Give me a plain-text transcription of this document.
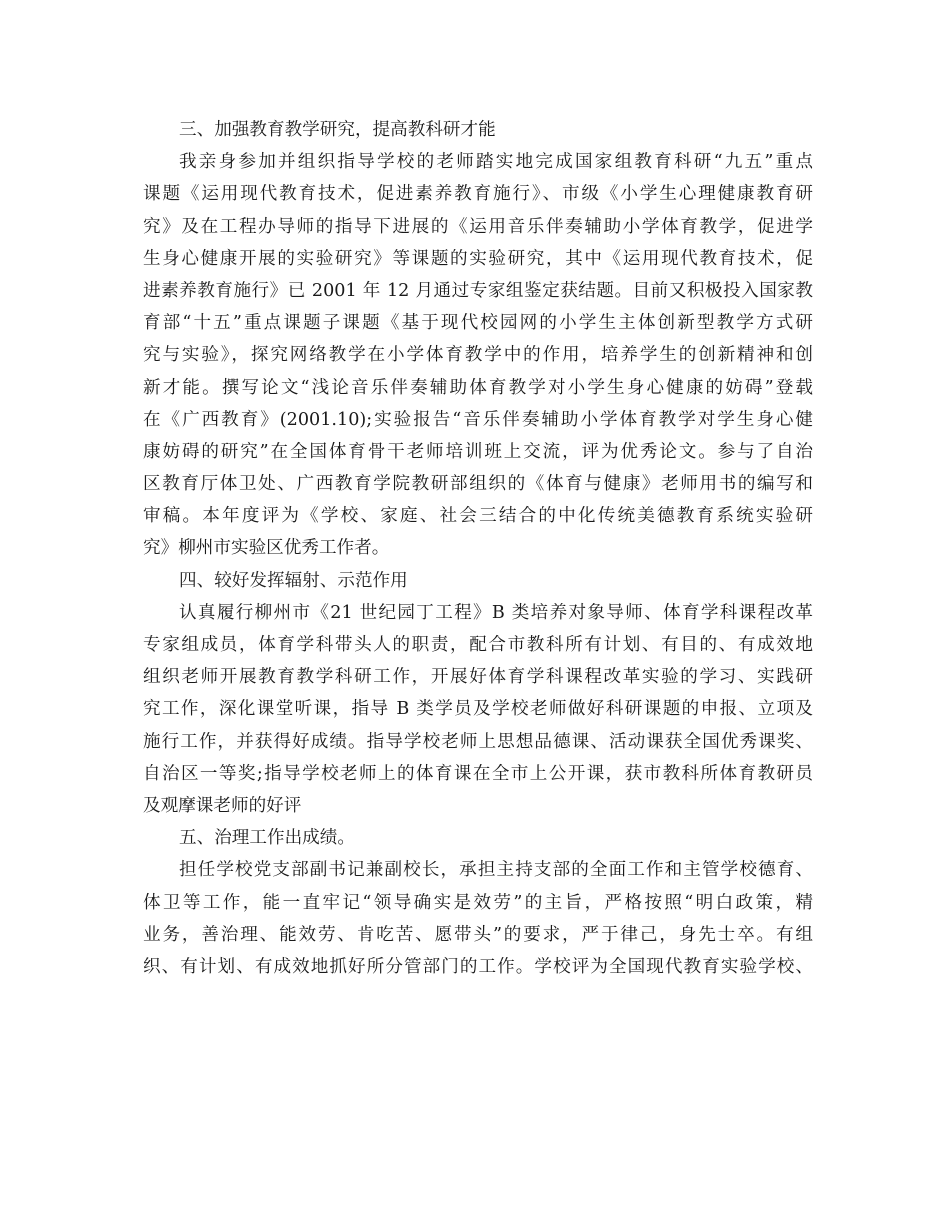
三、加强教育教学研究，提高教科研才能
我亲身参加并组织指导学校的老师踏实地完成国家组教育科研“九五”重点
课题《运用现代教育技术，促进素养教育施行》、市级《小学生心理健康教育研
究》及在工程办导师的指导下进展的《运用音乐伴奏辅助小学体育教学，促进学
生身心健康开展的实验研究》等课题的实验研究，其中《运用现代教育技术，促
进素养教育施行》已 2001 年 12 月通过专家组鉴定获结题。目前又积极投入国家教
育部“十五”重点课题子课题《基于现代校园网的小学生主体创新型教学方式研
究与实验》，探究网络教学在小学体育教学中的作用，培养学生的创新精神和创
新才能。撰写论文“浅论音乐伴奏辅助体育教学对小学生身心健康的妨碍”登载
在《广西教育》(2001.10);实验报告“音乐伴奏辅助小学体育教学对学生身心健
康妨碍的研究”在全国体育骨干老师培训班上交流，评为优秀论文。参与了自治
区教育厅体卫处、广西教育学院教研部组织的《体育与健康》老师用书的编写和
审稿。本年度评为《学校、家庭、社会三结合的中化传统美德教育系统实验研
究》柳州市实验区优秀工作者。
四、较好发挥辐射、示范作用
认真履行柳州市《21 世纪园丁工程》B 类培养对象导师、体育学科课程改革
专家组成员，体育学科带头人的职责，配合市教科所有计划、有目的、有成效地
组织老师开展教育教学科研工作，开展好体育学科课程改革实验的学习、实践研
究工作，深化课堂听课，指导 B 类学员及学校老师做好科研课题的申报、立项及
施行工作，并获得好成绩。指导学校老师上思想品德课、活动课获全国优秀课奖、
自治区一等奖;指导学校老师上的体育课在全市上公开课，获市教科所体育教研员
及观摩课老师的好评
五、治理工作出成绩。
担任学校党支部副书记兼副校长，承担主持支部的全面工作和主管学校德育、
体卫等工作，能一直牢记“领导确实是效劳”的主旨，严格按照“明白政策，精
业务，善治理、能效劳、肯吃苦、愿带头”的要求，严于律己，身先士卒。有组
织、有计划、有成效地抓好所分管部门的工作。学校评为全国现代教育实验学校、
